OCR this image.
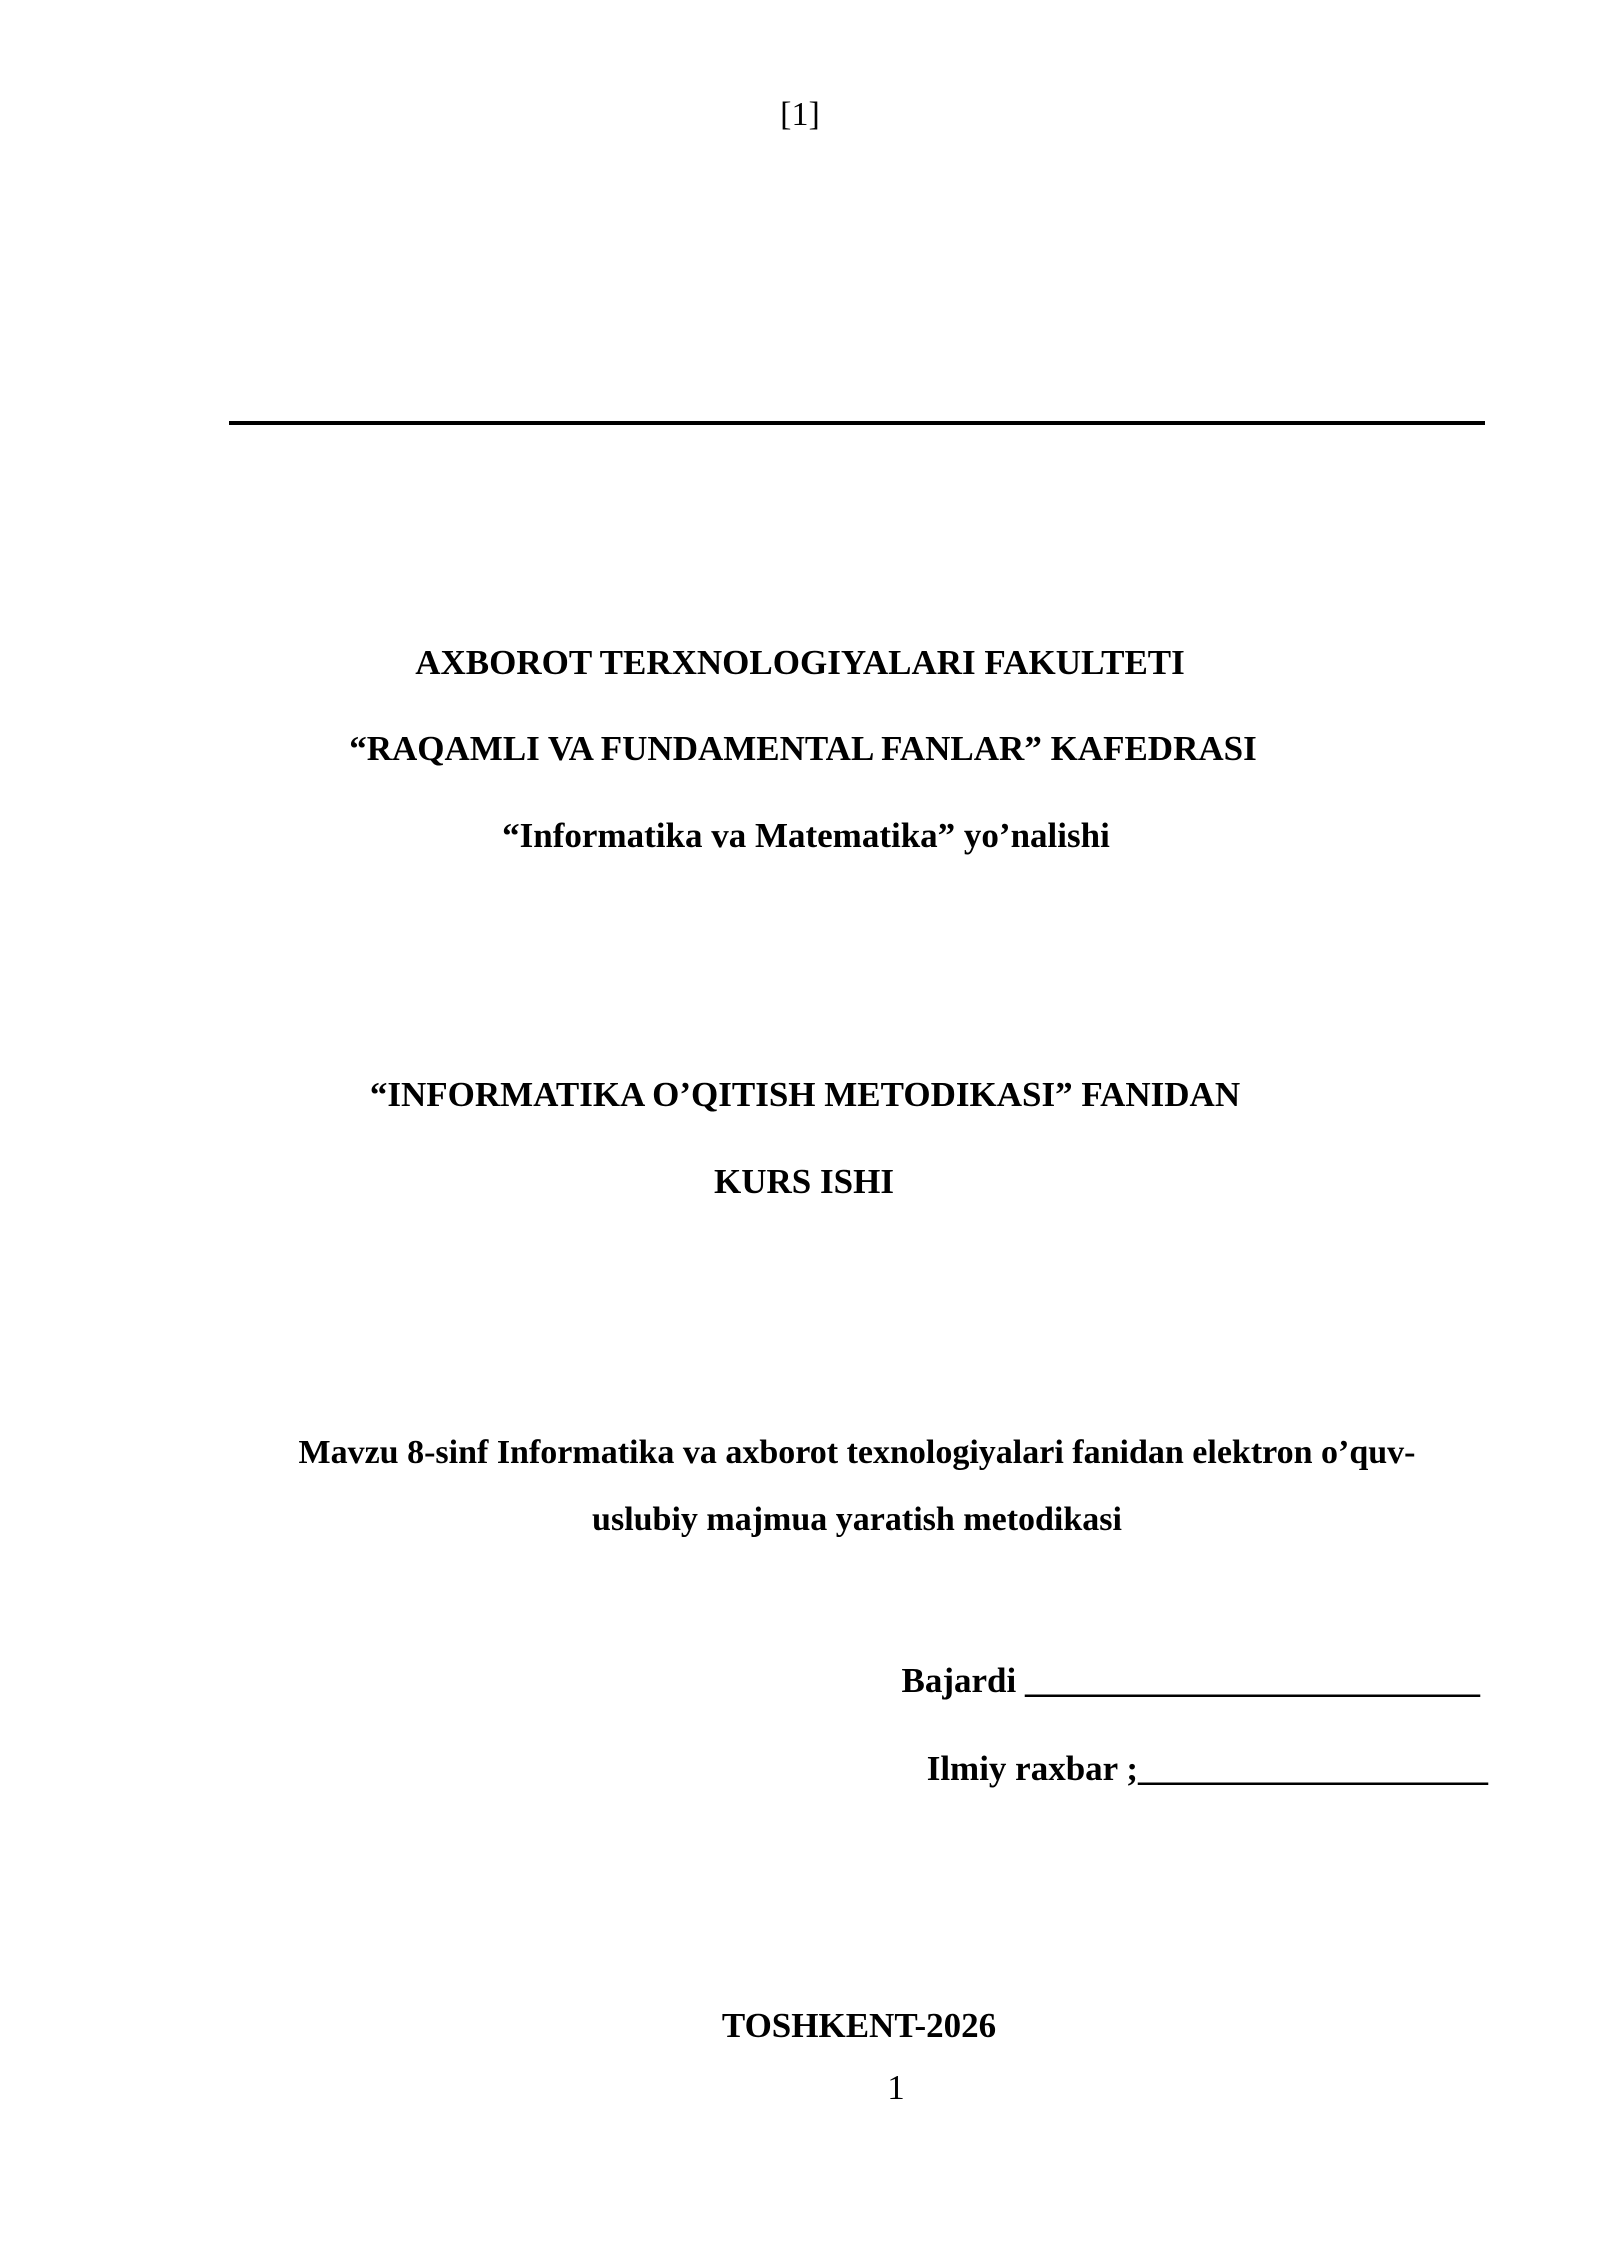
[1]
AXBOROT TERXNOLOGIYALARI FAKULTETI
“RAQAMLI VA FUNDAMENTAL FANLAR” KAFEDRASI
“Informatika va Matematika” yo’nalishi
“INFORMATIKA O’QITISH METODIKASI” FANIDAN
KURS ISHI
Mavzu 8-sinf Informatika va axborot texnologiyalari fanidan elektron o’quv-
uslubiy majmua yaratish metodikasi
Bajardi __________________________
Ilmiy raxbar ;____________________
TOSHKENT-2026
1
